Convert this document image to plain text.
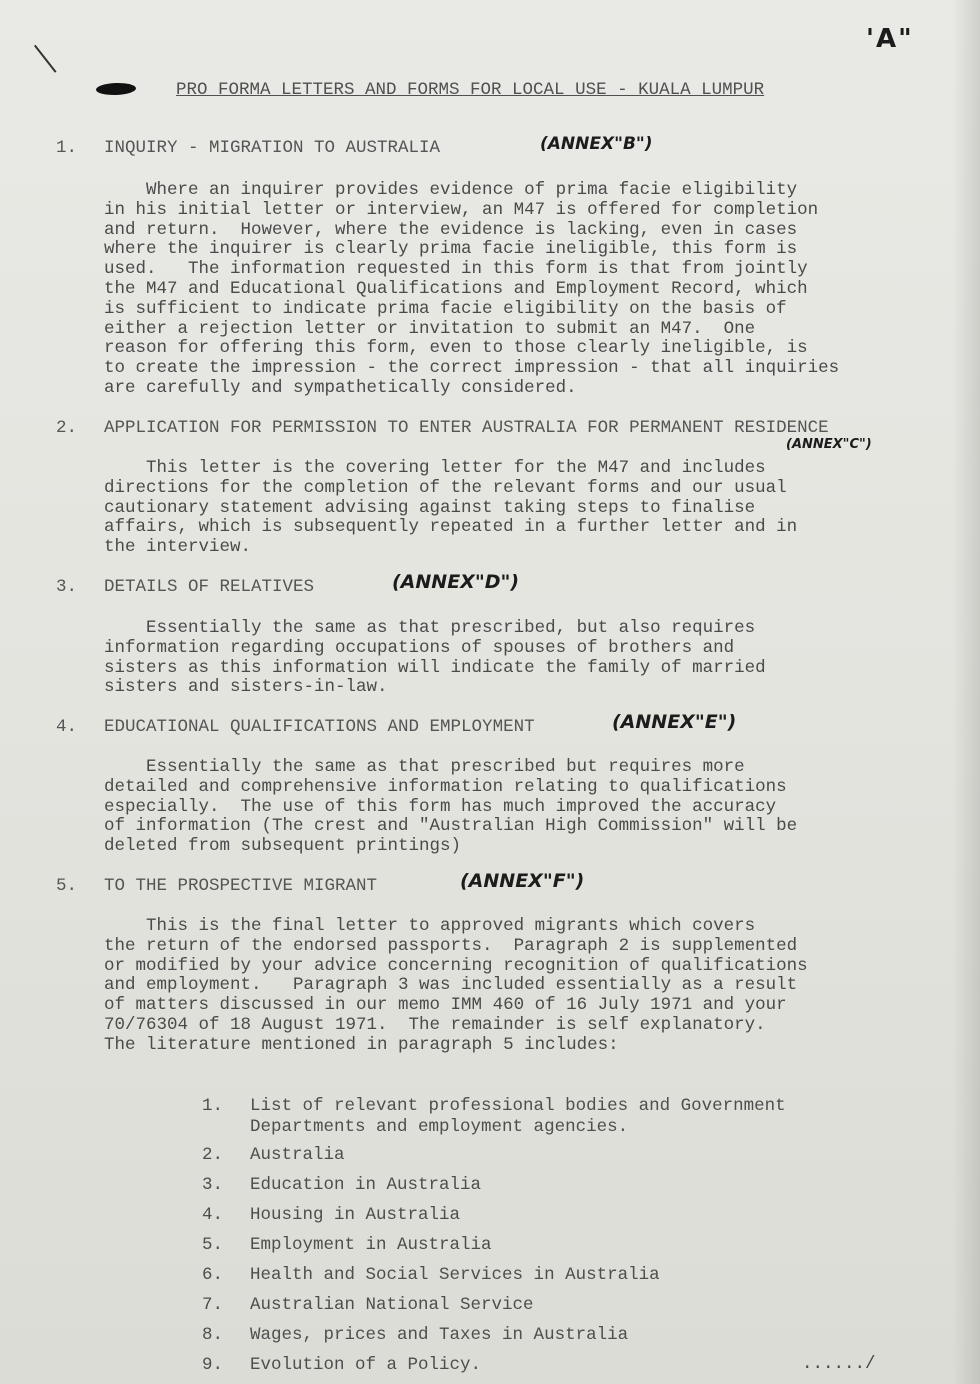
'A"
PRO FORMA LETTERS AND FORMS FOR LOCAL USE - KUALA LUMPUR
1. INQUIRY - MIGRATION TO AUSTRALIA	(ANNEX"B")
Where an inquirer provides evidence of prima facie eligibility
in his initial letter or interview, an M47 is offered for completion
and return.  However, where the evidence is lacking, even in cases
where the inquirer is clearly prima facie ineligible, this form is
used.   The information requested in this form is that from jointly
the M47 and Educational Qualifications and Employment Record, which
is sufficient to indicate prima facie eligibility on the basis of
either a rejection letter or invitation to submit an M47.  One
reason for offering this form, even to those clearly ineligible, is
to create the impression - the correct impression - that all inquiries
are carefully and sympathetically considered.
2. APPLICATION FOR PERMISSION TO ENTER AUSTRALIA FOR PERMANENT RESIDENCE
(ANNEX"C")
This letter is the covering letter for the M47 and includes
directions for the completion of the relevant forms and our usual
cautionary statement advising against taking steps to finalise
affairs, which is subsequently repeated in a further letter and in
the interview.
3. DETAILS OF RELATIVES	(ANNEX"D")
Essentially the same as that prescribed, but also requires
information regarding occupations of spouses of brothers and
sisters as this information will indicate the family of married
sisters and sisters-in-law.
4. EDUCATIONAL QUALIFICATIONS AND EMPLOYMENT	(ANNEX"E")
Essentially the same as that prescribed but requires more
detailed and comprehensive information relating to qualifications
especially.  The use of this form has much improved the accuracy
of information (The crest and "Australian High Commission" will be
deleted from subsequent printings)
5. TO THE PROSPECTIVE MIGRANT	(ANNEX"F")
This is the final letter to approved migrants which covers
the return of the endorsed passports.  Paragraph 2 is supplemented
or modified by your advice concerning recognition of qualifications
and employment.   Paragraph 3 was included essentially as a result
of matters discussed in our memo IMM 460 of 16 July 1971 and your
70/76304 of 18 August 1971.  The remainder is self explanatory.
The literature mentioned in paragraph 5 includes:

1. List of relevant professional bodies and Government
Departments and employment agencies.

2. Australia

3. Education in Australia

4. Housing in Australia

5. Employment in Australia

6. Health and Social Services in Australia

7. Australian National Service

8. Wages, prices and Taxes in Australia

9. Evolution of a Policy.
	....../
